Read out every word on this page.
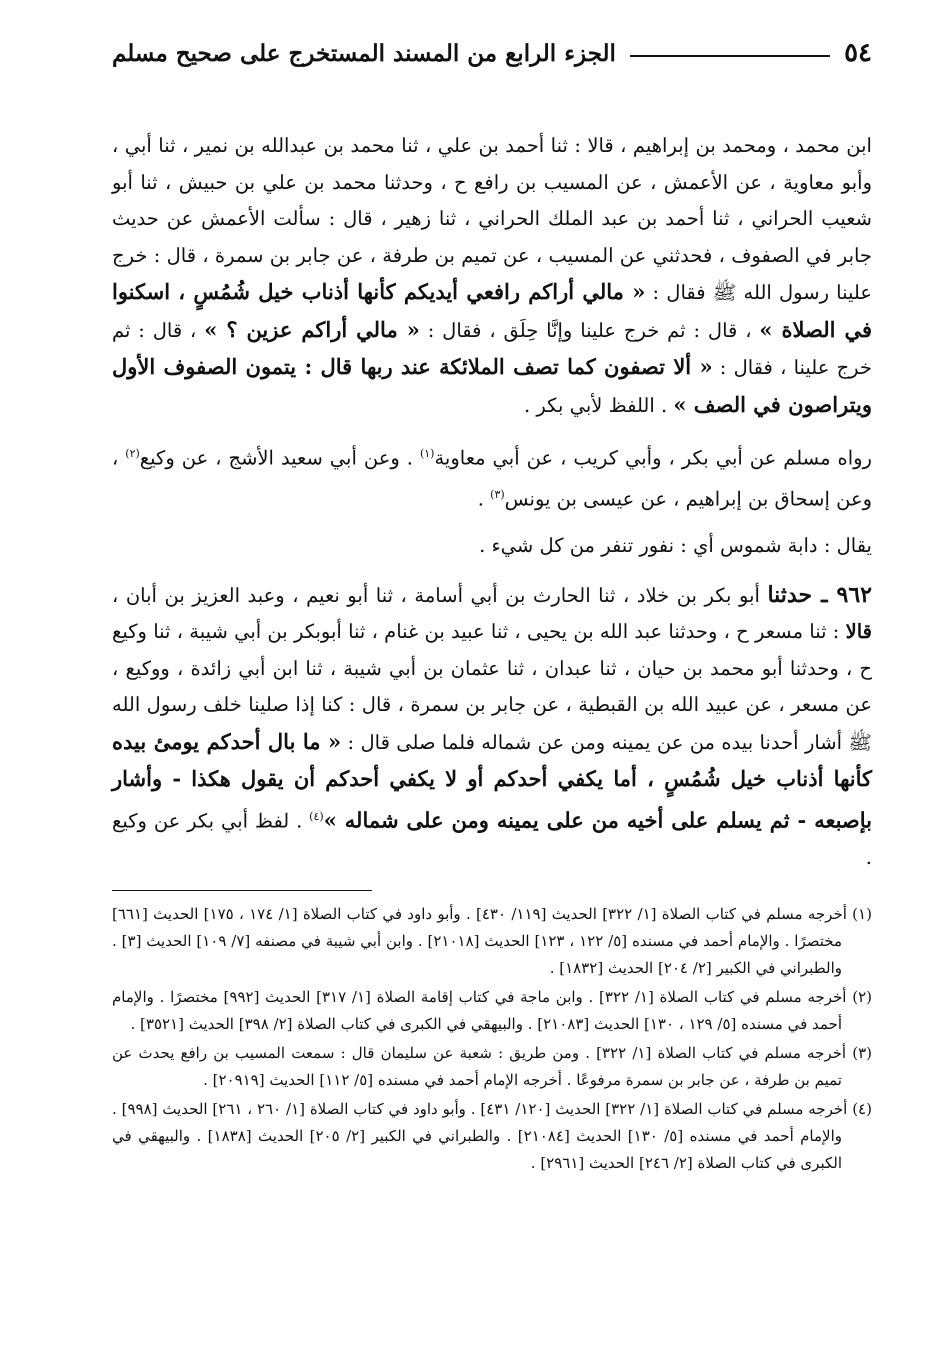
٥٤
الجزء الرابع من المسند المستخرج على صحيح مسلم

ابن محمد ، ومحمد بن إبراهيم ، قالا : ثنا أحمد بن علي ، ثنا محمد بن عبدالله بن نمير ، ثنا أبي ، وأبو معاوية ، عن الأعمش ، عن المسيب بن رافع ح ، وحدثنا محمد بن علي بن حبيش ، ثنا أبو شعيب الحراني ، ثنا أحمد بن عبد الملك الحراني ، ثنا زهير ، قال : سألت الأعمش عن حديث جابر في الصفوف ، فحدثني عن المسيب ، عن تميم بن طرفة ، عن جابر بن سمرة ، قال : خرج علينا رسول الله ﷺ فقال : « مالي أراكم رافعي أيديكم كأنها أذناب خيل شُمُسٍ ، اسكنوا في الصلاة » ، قال : ثم خرج علينا وإنَّا حِلَق ، فقال : « مالي أراكم عزين ؟ » ، قال : ثم خرج علينا ، فقال : « ألا تصفون كما تصف الملائكة عند ربها قال : يتمون الصفوف الأول ويتراصون في الصف » . اللفظ لأبي بكر .

رواه مسلم عن أبي بكر ، وأبي كريب ، عن أبي معاوية$^{(١)}$ . وعن أبي سعيد الأشج ، عن وكيع$^{(٢)}$ ، وعن إسحاق بن إبراهيم ، عن عيسى بن يونس$^{(٣)}$ .

يقال : دابة شموس أي : نفور تنفر من كل شيء .

٩٦٢ ـ حدثنا أبو بكر بن خلاد ، ثنا الحارث بن أبي أسامة ، ثنا أبو نعيم ، وعبد العزيز بن أبان ، قالا : ثنا مسعر ح ، وحدثنا عبد الله بن يحيى ، ثنا عبيد بن غنام ، ثنا أبوبكر بن أبي شيبة ، ثنا وكيع ح ، وحدثنا أبو محمد بن حيان ، ثنا عبدان ، ثنا عثمان بن أبي شيبة ، ثنا ابن أبي زائدة ، ووكيع ، عن مسعر ، عن عبيد الله بن القبطية ، عن جابر بن سمرة ، قال : كنا إذا صلينا خلف رسول الله ﷺ أشار أحدنا بيده من عن يمينه ومن عن شماله فلما صلى قال : « ما بال أحدكم يومئ بيده كأنها أذناب خيل شُمُسٍ ، أما يكفي أحدكم أو لا يكفي أحدكم أن يقول هكذا - وأشار بإصبعه - ثم يسلم على أخيه من على يمينه ومن على شماله »$^{(٤)}$ . لفظ أبي بكر عن وكيع .

(١) أخرجه مسلم في كتاب الصلاة [١/ ٣٢٢] الحديث [١١٩/ ٤٣٠] . وأبو داود في كتاب الصلاة [١/ ١٧٤ ، ١٧٥] الحديث [٦٦١] مختصرًا . والإمام أحمد في مسنده [٥/ ١٢٢ ، ١٢٣] الحديث [٢١٠١٨] . وابن أبي شيبة في مصنفه [٧/ ١٠٩] الحديث [٣] . والطبراني في الكبير [٢/ ٢٠٤] الحديث [١٨٣٢] .

(٢) أخرجه مسلم في كتاب الصلاة [١/ ٣٢٢] . وابن ماجة في كتاب إقامة الصلاة [١/ ٣١٧] الحديث [٩٩٢] مختصرًا . والإمام أحمد في مسنده [٥/ ١٢٩ ، ١٣٠] الحديث [٢١٠٨٣] . والبيهقي في الكبرى في كتاب الصلاة [٢/ ٣٩٨] الحديث [٣٥٢١] .

(٣) أخرجه مسلم في كتاب الصلاة [١/ ٣٢٢] . ومن طريق : شعبة عن سليمان قال : سمعت المسيب بن رافع يحدث عن تميم بن طرفة ، عن جابر بن سمرة مرفوعًا . أخرجه الإمام أحمد في مسنده [٥/ ١١٢] الحديث [٢٠٩١٩] .

(٤) أخرجه مسلم في كتاب الصلاة [١/ ٣٢٢] الحديث [١٢٠/ ٤٣١] . وأبو داود في كتاب الصلاة [١/ ٢٦٠ ، ٢٦١] الحديث [٩٩٨] . والإمام أحمد في مسنده [٥/ ١٣٠] الحديث [٢١٠٨٤] . والطبراني في الكبير [٢/ ٢٠٥] الحديث [١٨٣٨] . والبيهقي في الكبرى في كتاب الصلاة [٢/ ٢٤٦] الحديث [٢٩٦١] .
